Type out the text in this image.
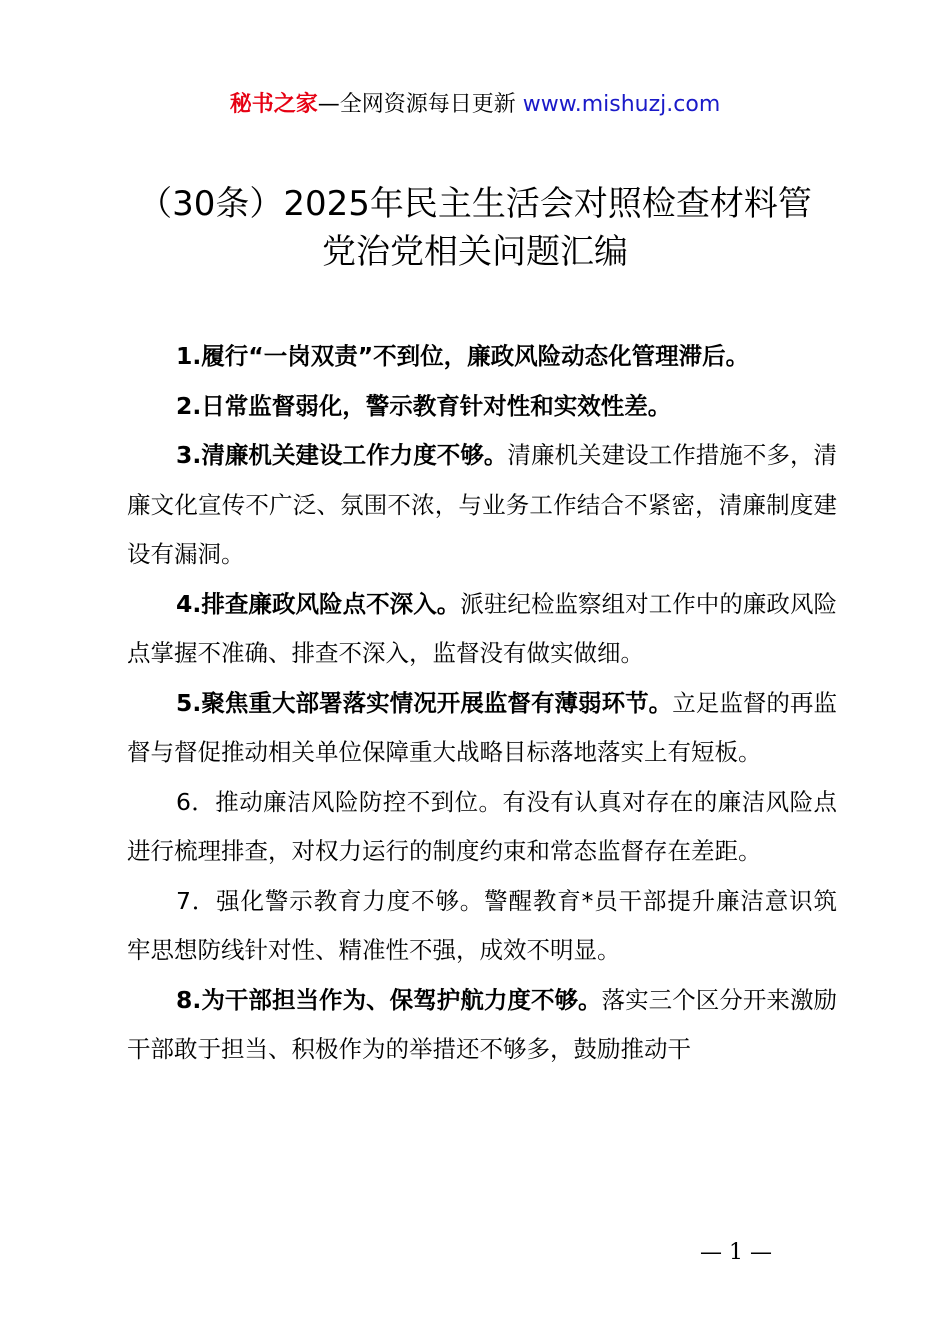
秘书之家—全网资源每日更新 www.mishuzj.com
（30条）2025年民主生活会对照检查材料管
党治党相关问题汇编

1.履行“一岗双责”不到位，廉政风险动态化管理滞后。

2.日常监督弱化，警示教育针对性和实效性差。

3.清廉机关建设工作力度不够。清廉机关建设工作措施不多，清廉文化宣传不广泛、氛围不浓，与业务工作结合不紧密，清廉制度建设有漏洞。

4.排查廉政风险点不深入。派驻纪检监察组对工作中的廉政风险点掌握不准确、排查不深入，监督没有做实做细。

5.聚焦重大部署落实情况开展监督有薄弱环节。立足监督的再监督与督促推动相关单位保障重大战略目标落地落实上有短板。

6．推动廉洁风险防控不到位。有没有认真对存在的廉洁风险点进行梳理排查，对权力运行的制度约束和常态监督存在差距。

7．强化警示教育力度不够。警醒教育*员干部提升廉洁意识筑牢思想防线针对性、精准性不强，成效不明显。

8.为干部担当作为、保驾护航力度不够。落实三个区分开来激励干部敢于担当、积极作为的举措还不够多，鼓励推动干

— 1 —
